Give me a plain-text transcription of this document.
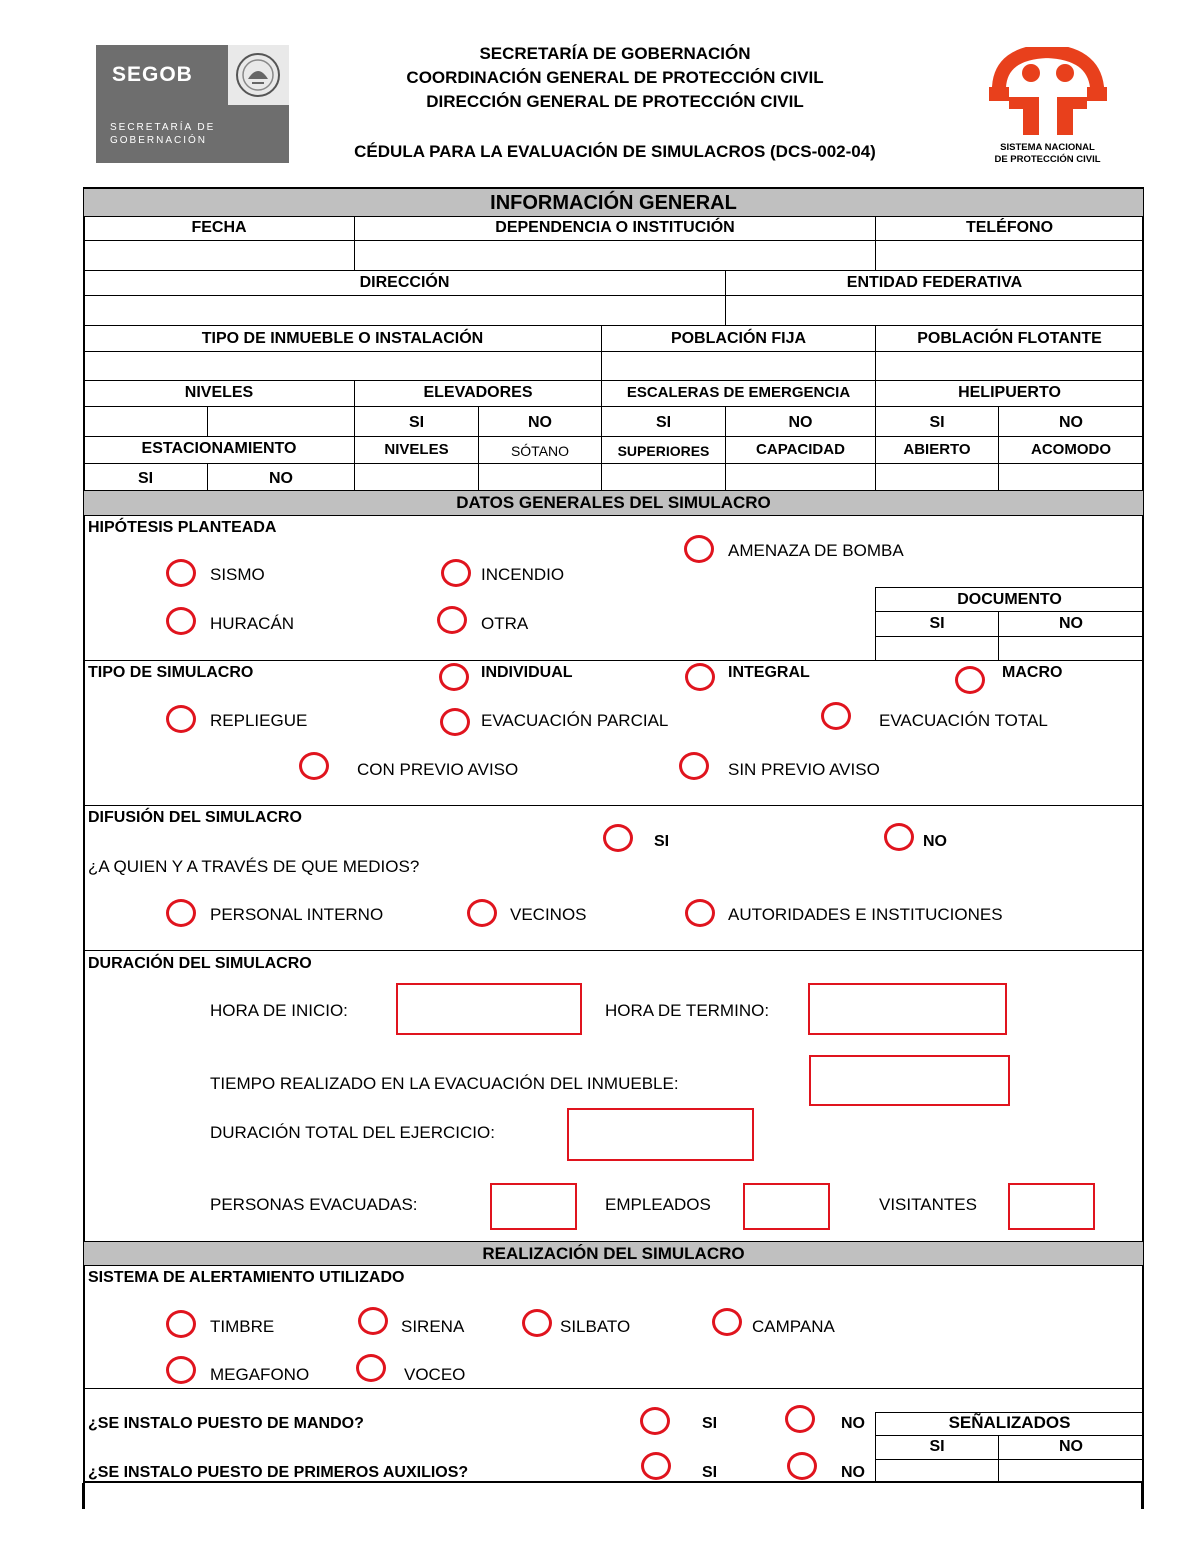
SEGOB
SECRETARÍA DE GOBERNACIÓN
SECRETARÍA DE GOBERNACIÓN
COORDINACIÓN GENERAL DE PROTECCIÓN CIVIL
DIRECCIÓN GENERAL DE PROTECCIÓN CIVIL
CÉDULA PARA LA EVALUACIÓN DE SIMULACROS (DCS-002-04)	SISTEMA NACIONAL
DE PROTECCIÓN CIVIL
INFORMACIÓN GENERAL
FECHA	DEPENDENCIA O INSTITUCIÓN	TELÉFONO
DIRECCIÓN	ENTIDAD FEDERATIVA
TIPO DE INMUEBLE O INSTALACIÓN	POBLACIÓN FIJA	POBLACIÓN FLOTANTE
NIVELES	ELEVADORES	ESCALERAS DE EMERGENCIA	HELIPUERTO
SI	NO	SI	NO	SI	NO
ESTACIONAMIENTO	NIVELES	SÓTANO	SUPERIORES	CAPACIDAD	ABIERTO	ACOMODO
SI	NO
DATOS GENERALES DEL SIMULACRO
HIPÓTESIS PLANTEADA
AMENAZA DE BOMBA
SISMO	INCENDIO
HURACÁN	OTRA
DOCUMENTO
SI	NO
TIPO DE SIMULACRO	INDIVIDUAL	INTEGRAL	MACRO
REPLIEGUE	EVACUACIÓN PARCIAL	EVACUACIÓN TOTAL
CON PREVIO AVISO	SIN PREVIO AVISO
DIFUSIÓN DEL SIMULACRO
SI	NO
¿A QUIEN Y A TRAVÉS DE QUE MEDIOS?
PERSONAL INTERNO	VECINOS	AUTORIDADES E INSTITUCIONES
DURACIÓN DEL SIMULACRO
HORA DE INICIO:	HORA DE TERMINO:
TIEMPO REALIZADO EN LA EVACUACIÓN DEL INMUEBLE:
DURACIÓN TOTAL DEL EJERCICIO:
PERSONAS EVACUADAS:	EMPLEADOS	VISITANTES
REALIZACIÓN DEL SIMULACRO
SISTEMA DE ALERTAMIENTO UTILIZADO
TIMBRE	SIRENA	SILBATO	CAMPANA
MEGAFONO	VOCEO
¿SE INSTALO PUESTO DE MANDO?	SI	NO
¿SE INSTALO PUESTO DE PRIMEROS AUXILIOS?	SI	NO
SEÑALIZADOS
SI	NO
